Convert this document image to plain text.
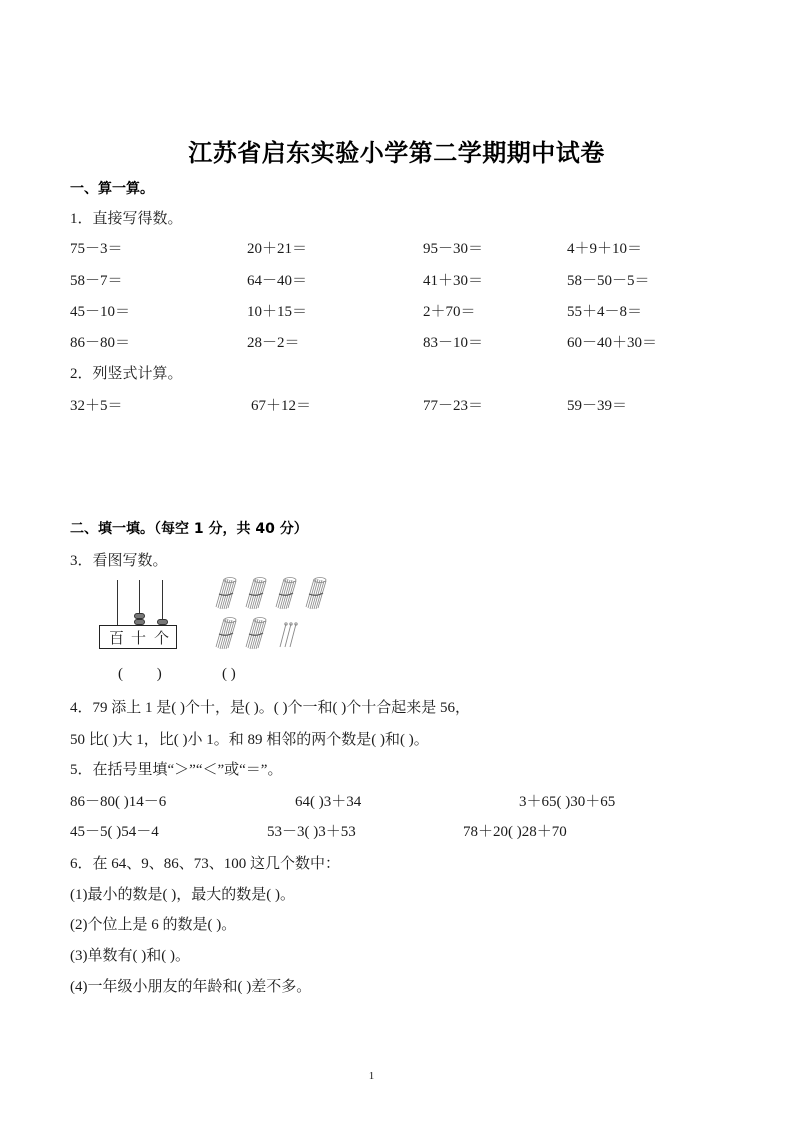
江苏省启东实验小学第二学期期中试卷
一、算一算。
1．直接写得数。
75－3＝	20＋21＝	95－30＝	4＋9＋10＝
58－7＝	64－40＝	41＋30＝	58－50－5＝
45－10＝	10＋15＝	2＋70＝	55＋4－8＝
86－80＝	28－2＝	83－10＝	60－40＋30＝
2．列竖式计算。
32＋5＝	67＋12＝	77－23＝	59－39＝
二、填一填。（每空 1 分，共 40 分）
3．看图写数。
百 十 个
( )	( )
4．79 添上 1 是( )个十，是( )。( )个一和( )个十合起来是 56，
50 比( )大 1，比( )小 1。和 89 相邻的两个数是( )和( )。
5．在括号里填“＞”“＜”或“＝”。
86－80( )14－6	64( )3＋34	3＋65( )30＋65
45－5( )54－4	53－3( )3＋53	78＋20( )28＋70
6．在 64、9、86、73、100 这几个数中：
(1)最小的数是( )，最大的数是( )。
(2)个位上是 6 的数是( )。
(3)单数有( )和( )。
(4)一年级小朋友的年龄和( )差不多。
1
